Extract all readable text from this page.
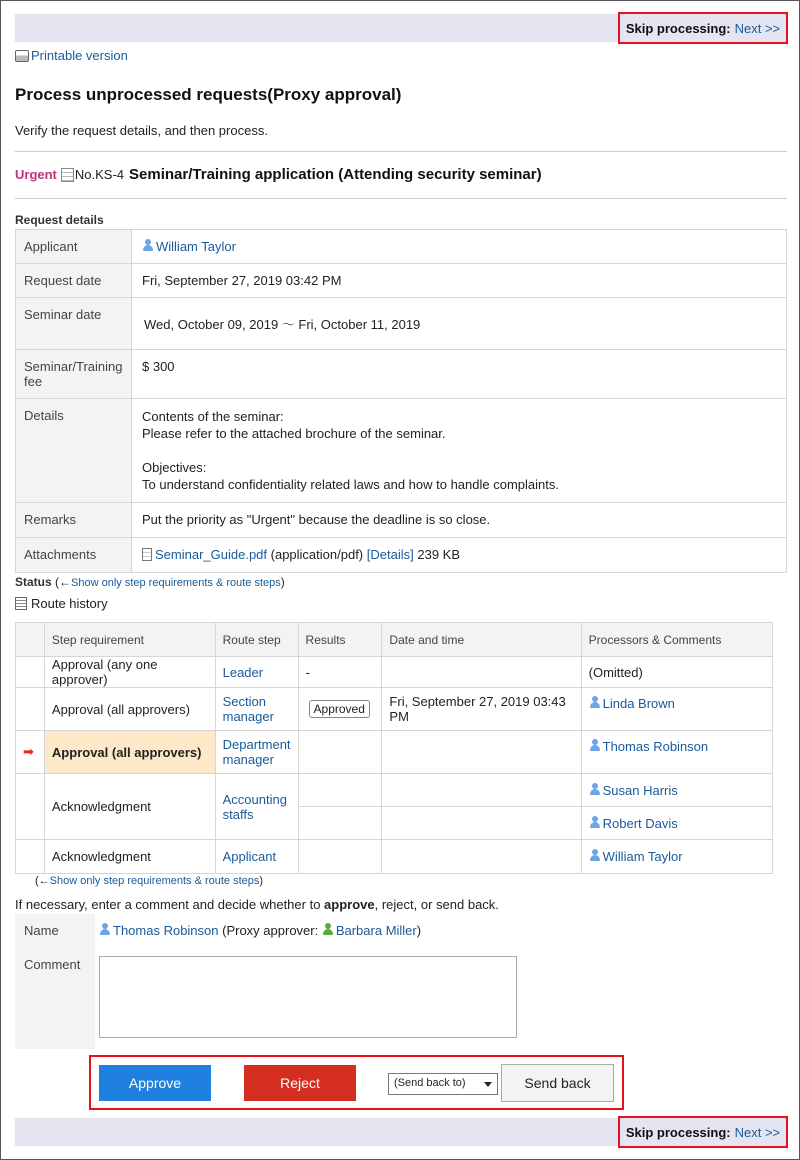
Skip processing: Next >>
Printable version
Process unprocessed requests(Proxy approval)
Verify the request details, and then process.
Urgent No.KS-4 Seminar/Training application (Attending security seminar)
Request details
Applicant	William Taylor
Request date	Fri, September 27, 2019 03:42 PM
Seminar date	Wed, October 09, 2019 〜 Fri, October 11, 2019
Seminar/Training fee	$ 300
Details	Contents of the seminar:
Please refer to the attached brochure of the seminar.
Objectives:
To understand confidentiality related laws and how to handle complaints.

Remarks	Put the priority as "Urgent" because the deadline is so close.
Attachments	Seminar_Guide.pdf (application/pdf) [Details] 239 KB
Status (←Show only step requirements & route steps)
Route history
	Step requirement	Route step	Results	Date and time	Processors & Comments
	Approval (any one approver)	Leader	-		(Omitted)
	Approval (all approvers)	Section manager	Approved	Fri, September 27, 2019 03:43 PM	Linda Brown
➡	Approval (all approvers)	Department manager			Thomas Robinson
	Acknowledgment	Accounting staffs			Susan Harris
					Robert Davis
	Acknowledgment	Applicant			William Taylor
(←Show only step requirements & route steps)
If necessary, enter a comment and decide whether to approve, reject, or send back.
Name	Thomas Robinson (Proxy approver: Barbara Miller)
Comment	
Approve	Reject	(Send back to)	Send back
Skip processing: Next >>
